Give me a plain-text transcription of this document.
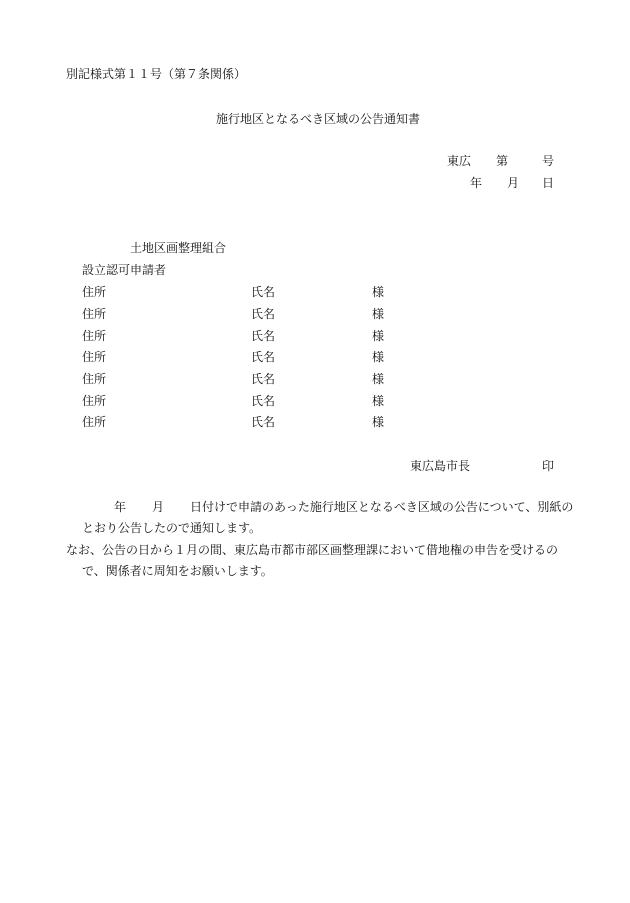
別記様式第１１号（第７条関係）
施行地区となるべき区域の公告通知書
東広 第	号
年 月 日
土地区画整理組合
設立認可申請者
住所	氏名	様
住所	氏名	様
住所	氏名	様
住所	氏名	様
住所	氏名	様
住所	氏名	様
住所	氏名	様
東広島市長	印
年 月 日付けで申請のあった施行地区となるべき区域の公告について、別紙のとおり公告したので通知します。
なお、公告の日から１月の間、東広島市都市部区画整理課において借地権の申告を受けるので、関係者に周知をお願いします。
